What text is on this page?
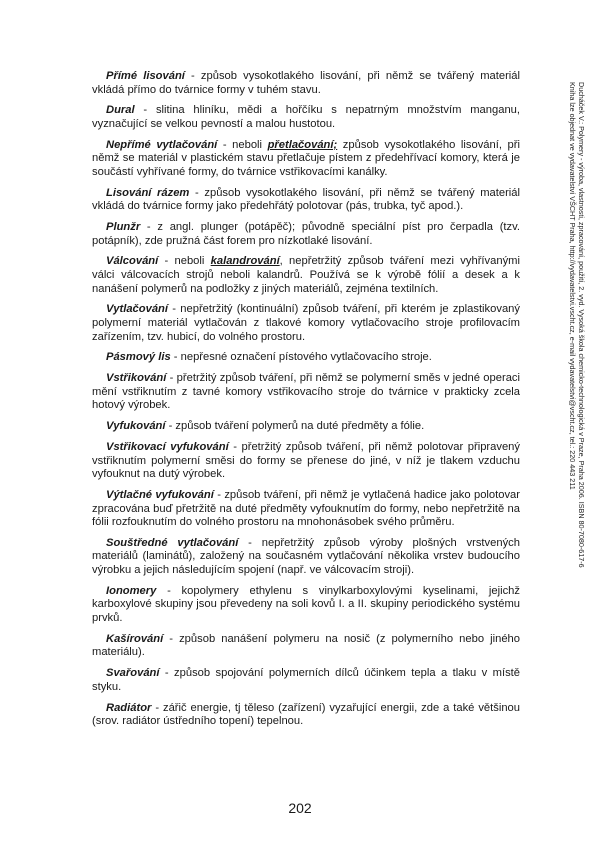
Přímé lisování - způsob vysokotlakého lisování, při němž se tvářený materiál vkládá přímo do tvárnice formy v tuhém stavu.

Dural - slitina hliníku, mědi a hořčíku s nepatrným množstvím manganu, vyznačující se velkou pevností a malou hustotou.

Nepřímé vytlačování - neboli přetlačování; způsob vysokotlakého lisování, při němž se materiál v plastickém stavu přetlačuje pístem z předehřívací komory, která je součástí vyhřívané formy, do tvárnice vstřikovacími kanálky.

Lisování rázem - způsob vysokotlakého lisování, při němž se tvářený materiál vkládá do tvárnice formy jako předehřátý polotovar (pás, trubka, tyč apod.).

Plunžr - z angl. plunger (potápěč); původně speciální píst pro čerpadla (tzv. potápník), zde pružná část forem pro nízkotlaké lisování.

Válcování - neboli kalandrování, nepřetržitý způsob tváření mezi vyhřívanými válci válcovacích strojů neboli kalandrů. Používá se k výrobě fólií a desek a k nanášení polymerů na podložky z jiných materiálů, zejména textilních.

Vytlačování - nepřetržitý (kontinuální) způsob tváření, při kterém je zplastikovaný polymerní materiál vytlačován z tlakové komory vytlačovacího stroje profilovacím zařízením, tzv. hubicí, do volného prostoru.

Pásmový lis - nepřesné označení pístového vytlačovacího stroje.

Vstřikování - přetržitý způsob tváření, při němž se polymerní směs v jedné operaci mění vstřiknutím z tavné komory vstřikovacího stroje do tvárnice v prakticky zcela hotový výrobek.

Vyfukování - způsob tváření polymerů na duté předměty a fólie.

Vstřikovací vyfukování - přetržitý způsob tváření, při němž polotovar připravený vstřiknutím polymerní směsi do formy se přenese do jiné, v níž je tlakem vzduchu vyfouknut na dutý výrobek.

Výtlačné vyfukování - způsob tváření, při němž je vytlačená hadice jako polotovar zpracována buď přetržitě na duté předměty vyfouknutím do formy, nebo nepřetržitě na fólii rozfouknutím do volného prostoru na mnohonásobek svého průměru.

Souštředné vytlačování - nepřetržitý způsob výroby plošných vrstvených materiálů (laminátů), založený na současném vytlačování několika vrstev budoucího výrobku a jejich následujícím spojení (např. ve válcovacím stroji).

Ionomery - kopolymery ethylenu s vinylkarboxylovými kyselinami, jejichž karboxylové skupiny jsou převedeny na soli kovů I. a II. skupiny periodického systému prvků.

Kašírování - způsob nanášení polymeru na nosič (z polymerního nebo jiného materiálu).

Svařování - způsob spojování polymerních dílců účinkem tepla a tlaku v místě styku.

Radiátor - zářič energie, tj těleso (zařízení) vyzařující energii, zde a také většinou (srov. radiátor ústředního topení) tepelnou.

202
Ducháček V.: Polymery - výroba, vlastnosti, zpracování, použití, 2. vyd. Vysoká škola chemicko-technologická v Praze, Praha 2006. ISBN 80-7080-617-6
Kniha lze objednat ve vydavatelství VŠCHT Praha, http://vydavatelstvi.vscht.cz, e-mail vydavatelstvi@vscht.cz, tel.: 220 443 211
